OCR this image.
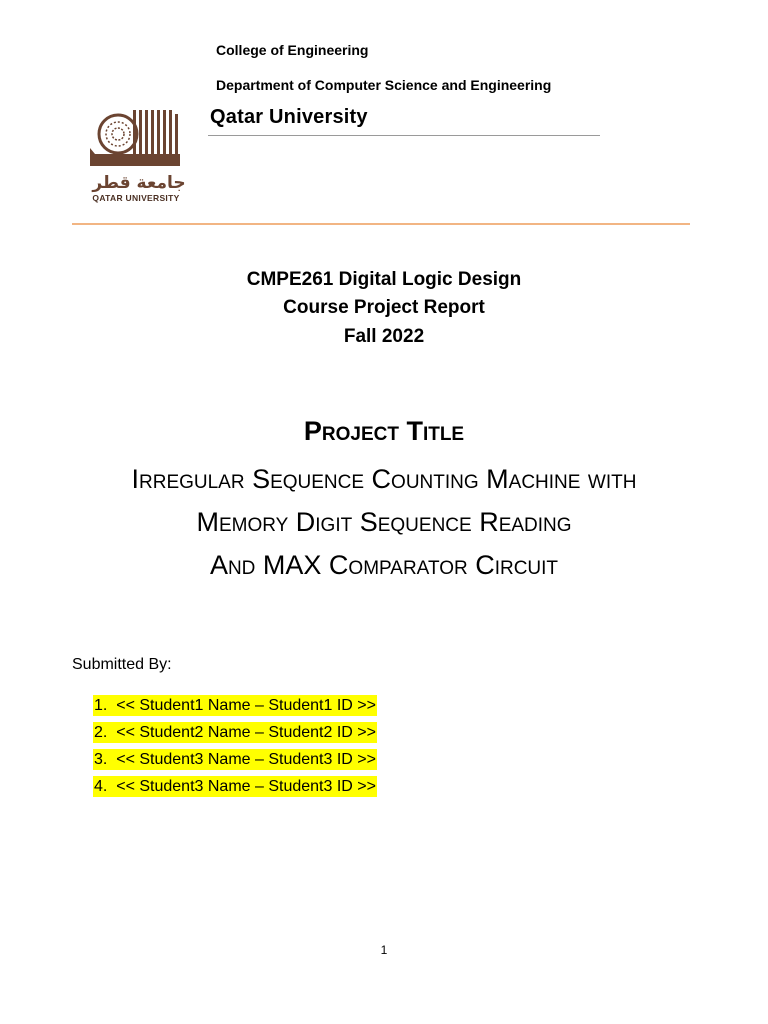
College of Engineering
Department of Computer Science and Engineering
Qatar University
جامعة قطر
QATAR UNIVERSITY
CMPE261 Digital Logic Design
Course Project Report
Fall 2022
Project Title
Irregular Sequence Counting Machine with
Memory Digit Sequence Reading
And MAX Comparator Circuit
Submitted By:
1. << Student1 Name – Student1 ID >>
2. << Student2 Name – Student2 ID >>
3. << Student3 Name – Student3 ID >>
4. << Student3 Name – Student3 ID >>
1
